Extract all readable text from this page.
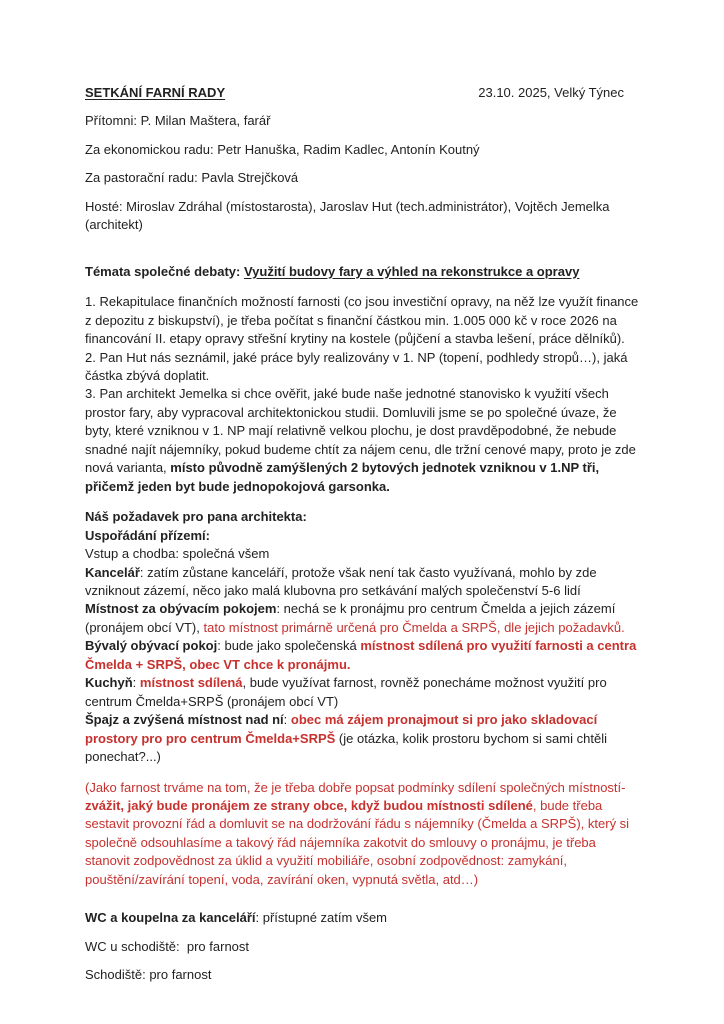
SETKÁNÍ FARNÍ RADY	23.10. 2025, Velký Týnec

Přítomni: P. Milan Maštera, farář

Za ekonomickou radu: Petr Hanuška, Radim Kadlec, Antonín Koutný

Za pastorační radu: Pavla Strejčková

Hosté: Miroslav Zdráhal (místostarosta), Jaroslav Hut (tech.administrátor), Vojtěch Jemelka (architekt)

Témata společné debaty: Využití budovy fary a výhled na rekonstrukce a opravy

1. Rekapitulace finančních možností farnosti (co jsou investiční opravy, na něž lze využít finance z depozitu z biskupství), je třeba počítat s finanční částkou min. 1.005 000 kč v roce 2026 na financování II. etapy opravy střešní krytiny na kostele (půjčení a stavba lešení, práce dělníků).

2. Pan Hut nás seznámil, jaké práce byly realizovány v 1. NP (topení, podhledy stropů…), jaká částka zbývá doplatit.

3. Pan architekt Jemelka si chce ověřit, jaké bude naše jednotné stanovisko k využití všech prostor fary, aby vypracoval architektonickou studii. Domluvili jsme se po společné úvaze, že byty, které vzniknou v 1. NP mají relativně velkou plochu, je dost pravděpodobné, že nebude snadné najít nájemníky, pokud budeme chtít za nájem cenu, dle tržní cenové mapy, proto je zde nová varianta, místo původně zamýšlených 2 bytových jednotek vzniknou v 1.NP tři, přičemž jeden byt bude jednopokojová garsonka.

Náš požadavek pro pana architekta:

Uspořádání přízemí:

Vstup a chodba: společná všem

Kancelář: zatím zůstane kanceláří, protože však není tak často využívaná, mohlo by zde vzniknout zázemí, něco jako malá klubovna pro setkávání malých společenství 5-6 lidí

Místnost za obývacím pokojem: nechá se k pronájmu pro centrum Čmelda a jejich zázemí (pronájem obcí VT), tato místnost primárně určená pro Čmelda a SRPŠ, dle jejich požadavků.

Bývalý obývací pokoj: bude jako společenská místnost sdílená pro využití farnosti a centra Čmelda + SRPŠ, obec VT chce k pronájmu.

Kuchyň: místnost sdílená, bude využívat farnost, rovněž ponecháme možnost využití pro centrum Čmelda+SRPŠ (pronájem obcí VT)

Špajz a zvýšená místnost nad ní: obec má zájem pronajmout si pro jako skladovací prostory pro pro centrum Čmelda+SRPŠ (je otázka, kolik prostoru bychom si sami chtěli ponechat?...)

(Jako farnost trváme na tom, že je třeba dobře popsat podmínky sdílení společných místností- zvážit, jaký bude pronájem ze strany obce, když budou místnosti sdílené, bude třeba sestavit provozní řád a domluvit se na dodržování řádu s nájemníky (Čmelda a SRPŠ), který si společně odsouhlasíme a takový řád nájemníka zakotvit do smlouvy o pronájmu, je třeba stanovit zodpovědnost za úklid a využití mobiliáře, osobní zodpovědnost: zamykání, pouštění/zavírání topení, voda, zavírání oken, vypnutá světla, atd…)

WC a koupelna za kanceláří: přístupné zatím všem

WC u schodiště:  pro farnost

Schodiště: pro farnost
